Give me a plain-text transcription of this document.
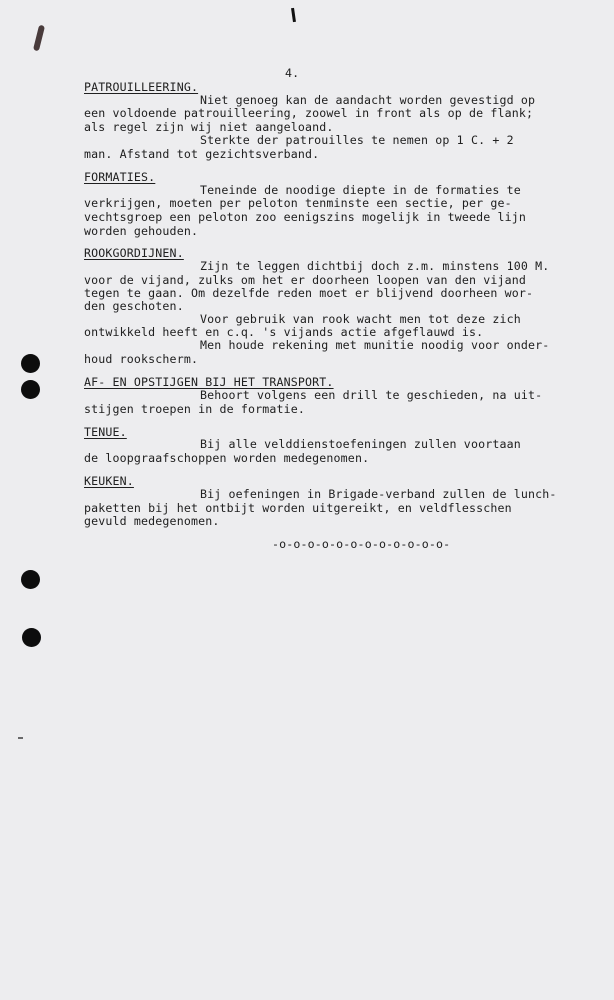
4.
PATROUILLEERING.
Niet genoeg kan de aandacht worden gevestigd op
een voldoende patrouilleering, zoowel in front als op de flank;
als regel zijn wij niet aangeloand.
Sterkte der patrouilles te nemen op 1 C. + 2
man. Afstand tot gezichtsverband.
FORMATIES.
Teneinde de noodige diepte in de formaties te
verkrijgen, moeten per peloton tenminste een sectie, per ge-
vechtsgroep een peloton zoo eenigszins mogelijk in tweede lijn
worden gehouden.
ROOKGORDIJNEN.
Zijn te leggen dichtbij doch z.m. minstens 100 M.
voor de vijand, zulks om het er doorheen loopen van den vijand
tegen te gaan. Om dezelfde reden moet er blijvend doorheen wor-
den geschoten.
Voor gebruik van rook wacht men tot deze zich
ontwikkeld heeft en c.q. 's vijands actie afgeflauwd is.
Men houde rekening met munitie noodig voor onder-
houd rookscherm.
AF- EN OPSTIJGEN BIJ HET TRANSPORT.
Behoort volgens een drill te geschieden, na uit-
stijgen troepen in de formatie.
TENUE.
Bij alle velddienstoefeningen zullen voortaan
de loopgraafschoppen worden medegenomen.
KEUKEN.
Bij oefeningen in Brigade-verband zullen de lunch-
paketten bij het ontbijt worden uitgereikt, en veldflesschen
gevuld medegenomen.
-o-o-o-o-o-o-o-o-o-o-o-o-
